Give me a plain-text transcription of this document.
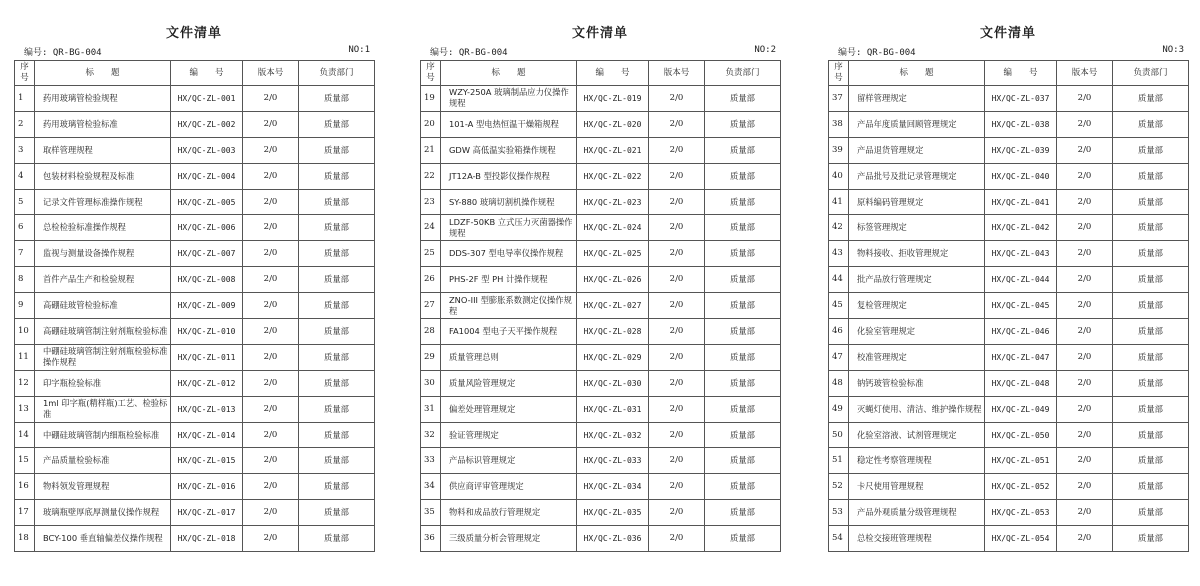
文件清单
编号: QR-BG-004	NO:1
序号	标　　题	编　　号	版本号	负责部门
1	药用玻璃管检验规程	HX/QC-ZL-001	2/0	质量部
2	药用玻璃管检验标准	HX/QC-ZL-002	2/0	质量部
3	取样管理规程	HX/QC-ZL-003	2/0	质量部
4	包装材料检验规程及标准	HX/QC-ZL-004	2/0	质量部
5	记录文件管理标准操作规程	HX/QC-ZL-005	2/0	质量部
6	总检检验标准操作规程	HX/QC-ZL-006	2/0	质量部
7	监视与测量设备操作规程	HX/QC-ZL-007	2/0	质量部
8	首件产品生产和检验规程	HX/QC-ZL-008	2/0	质量部
9	高硼硅玻管检验标准	HX/QC-ZL-009	2/0	质量部
10	高硼硅玻璃管制注射剂瓶检验标准	HX/QC-ZL-010	2/0	质量部
11	中硼硅玻璃管制注射剂瓶检验标准操作规程	HX/QC-ZL-011	2/0	质量部
12	印字瓶检验标准	HX/QC-ZL-012	2/0	质量部
13	1ml 印字瓶(精样瓶)工艺、检验标准	HX/QC-ZL-013	2/0	质量部
14	中硼硅玻璃管制内细瓶检验标准	HX/QC-ZL-014	2/0	质量部
15	产品质量检验标准	HX/QC-ZL-015	2/0	质量部
16	物料领发管理规程	HX/QC-ZL-016	2/0	质量部
17	玻璃瓶壁厚底厚测量仪操作规程	HX/QC-ZL-017	2/0	质量部
18	BCY-100 垂直轴偏差仪操作规程	HX/QC-ZL-018	2/0	质量部
文件清单
编号: QR-BG-004	NO:2
序号	标　　题	编　　号	版本号	负责部门
19	WZY-250A 玻璃制品应力仪操作规程	HX/QC-ZL-019	2/0	质量部
20	101-A 型电热恒温干燥箱规程	HX/QC-ZL-020	2/0	质量部
21	GDW 高低温实验箱操作规程	HX/QC-ZL-021	2/0	质量部
22	JT12A-B 型投影仪操作规程	HX/QC-ZL-022	2/0	质量部
23	SY-880 玻璃切割机操作规程	HX/QC-ZL-023	2/0	质量部
24	LDZF-50KB 立式压力灭菌器操作规程	HX/QC-ZL-024	2/0	质量部
25	DDS-307 型电导率仪操作规程	HX/QC-ZL-025	2/0	质量部
26	PHS-2F 型 PH 计操作规程	HX/QC-ZL-026	2/0	质量部
27	ZNO-III 型膨胀系数测定仪操作规程	HX/QC-ZL-027	2/0	质量部
28	FA1004 型电子天平操作规程	HX/QC-ZL-028	2/0	质量部
29	质量管理总则	HX/QC-ZL-029	2/0	质量部
30	质量风险管理规定	HX/QC-ZL-030	2/0	质量部
31	偏差处理管理规定	HX/QC-ZL-031	2/0	质量部
32	验证管理规定	HX/QC-ZL-032	2/0	质量部
33	产品标识管理规定	HX/QC-ZL-033	2/0	质量部
34	供应商评审管理规定	HX/QC-ZL-034	2/0	质量部
35	物料和成品放行管理规定	HX/QC-ZL-035	2/0	质量部
36	三级质量分析会管理规定	HX/QC-ZL-036	2/0	质量部
文件清单
编号: QR-BG-004	NO:3
序号	标　　题	编　　号	版本号	负责部门
37	留样管理规定	HX/QC-ZL-037	2/0	质量部
38	产品年度质量回顾管理规定	HX/QC-ZL-038	2/0	质量部
39	产品退货管理规定	HX/QC-ZL-039	2/0	质量部
40	产品批号及批记录管理规定	HX/QC-ZL-040	2/0	质量部
41	原料编码管理规定	HX/QC-ZL-041	2/0	质量部
42	标签管理规定	HX/QC-ZL-042	2/0	质量部
43	物料接收、拒收管理规定	HX/QC-ZL-043	2/0	质量部
44	批产品放行管理规定	HX/QC-ZL-044	2/0	质量部
45	复检管理规定	HX/QC-ZL-045	2/0	质量部
46	化验室管理规定	HX/QC-ZL-046	2/0	质量部
47	校准管理规定	HX/QC-ZL-047	2/0	质量部
48	钠钙玻管检验标准	HX/QC-ZL-048	2/0	质量部
49	灭蝇灯使用、清洁、维护操作规程	HX/QC-ZL-049	2/0	质量部
50	化验室溶液、试剂管理规定	HX/QC-ZL-050	2/0	质量部
51	稳定性考察管理规程	HX/QC-ZL-051	2/0	质量部
52	卡尺使用管理规程	HX/QC-ZL-052	2/0	质量部
53	产品外观质量分级管理规程	HX/QC-ZL-053	2/0	质量部
54	总检交接班管理规程	HX/QC-ZL-054	2/0	质量部
